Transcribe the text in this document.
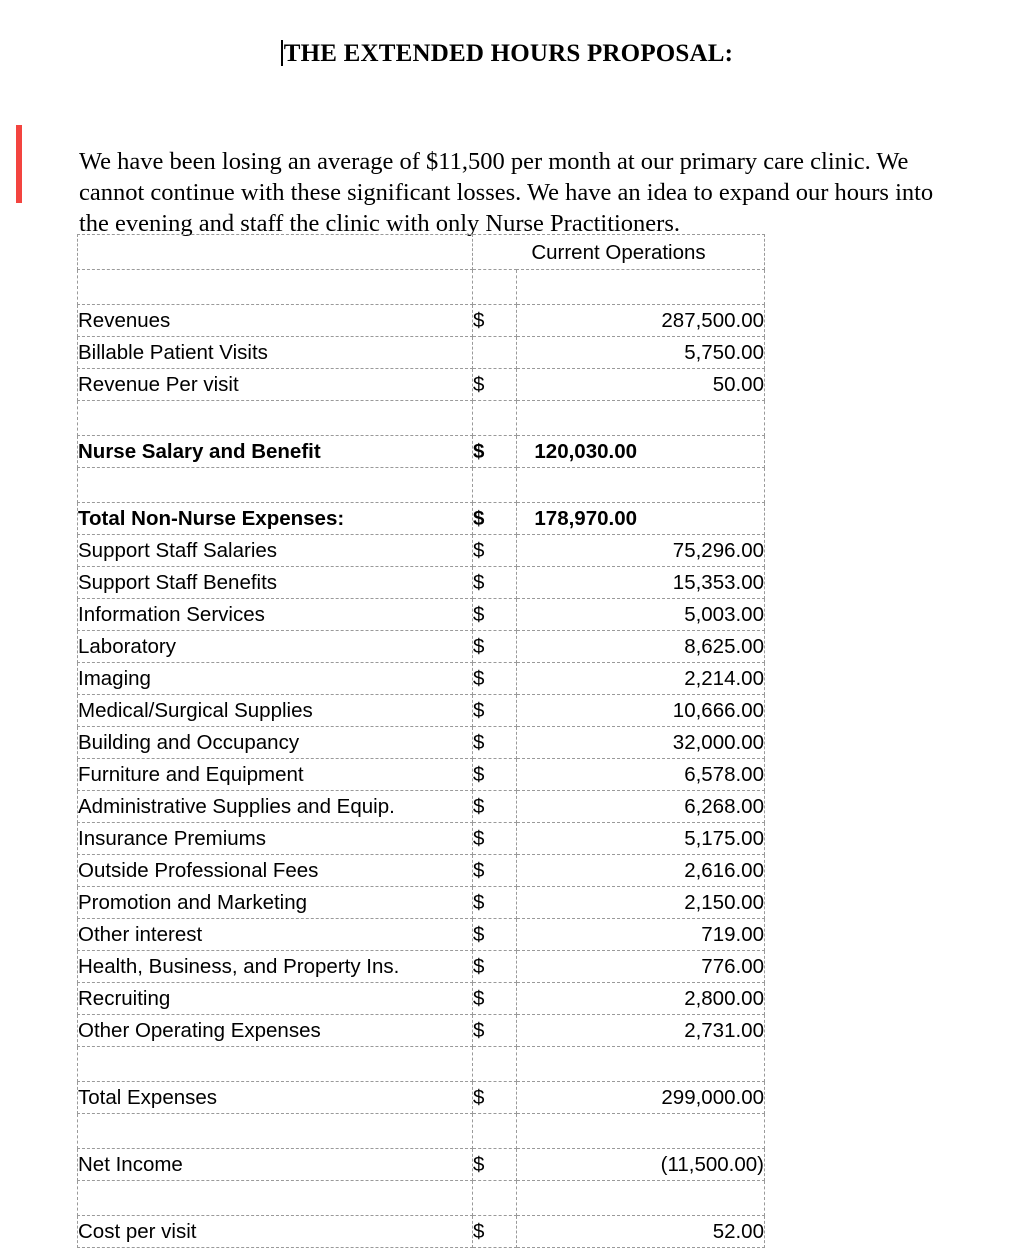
THE EXTENDED HOURS PROPOSAL:

We have been losing an average of $11,500 per month at our primary care clinic. We cannot continue with these significant losses. We have an idea to expand our hours into the evening and staff the clinic with only Nurse Practitioners.

	Current Operations	

Revenues	$	287,500.00
Billable Patient Visits		5,750.00
Revenue Per visit	$	50.00

Nurse Salary and Benefit	$	120,030.00

Total Non-Nurse Expenses:	$	178,970.00
Support Staff Salaries	$	75,296.00
Support Staff Benefits	$	15,353.00
Information Services	$	5,003.00
Laboratory	$	8,625.00
Imaging	$	2,214.00
Medical/Surgical Supplies	$	10,666.00
Building and Occupancy	$	32,000.00
Furniture and Equipment	$	6,578.00
Administrative Supplies and Equip.	$	6,268.00
Insurance Premiums	$	5,175.00
Outside Professional Fees	$	2,616.00
Promotion and Marketing	$	2,150.00
Other interest	$	719.00
Health, Business, and Property Ins.	$	776.00
Recruiting	$	2,800.00
Other Operating Expenses	$	2,731.00

Total Expenses	$	299,000.00

Net Income	$	(11,500.00)

Cost per visit	$	52.00
